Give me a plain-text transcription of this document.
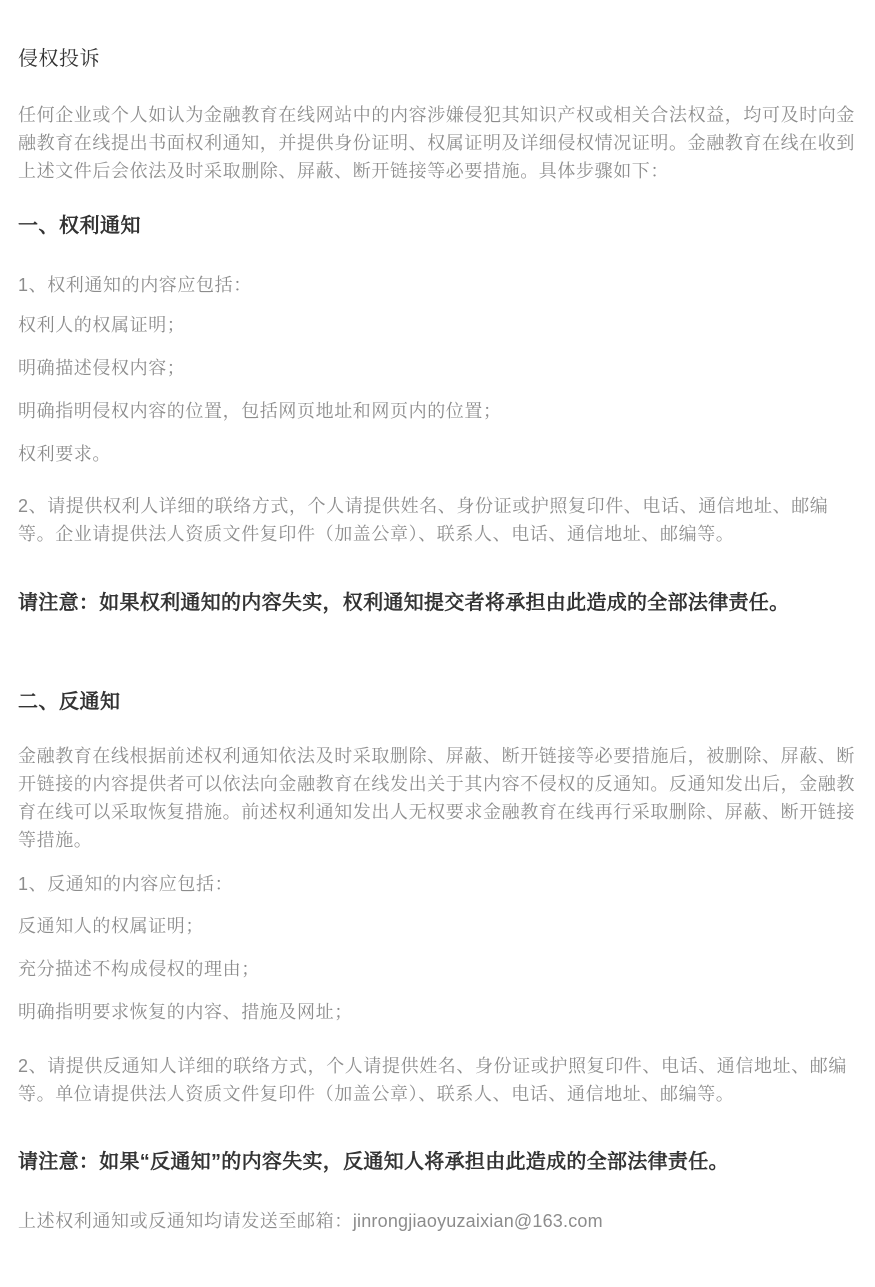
侵权投诉

任何企业或个人如认为金融教育在线网站中的内容涉嫌侵犯其知识产权或相关合法权益，均可及时向金融教育在线提出书面权利通知，并提供身份证明、权属证明及详细侵权情况证明。金融教育在线在收到上述文件后会依法及时采取删除、屏蔽、断开链接等必要措施。具体步骤如下：

一、权利通知

1、权利通知的内容应包括：

权利人的权属证明；

明确描述侵权内容；

明确指明侵权内容的位置，包括网页地址和网页内的位置；

权利要求。

2、请提供权利人详细的联络方式，个人请提供姓名、身份证或护照复印件、电话、通信地址、邮编等。企业请提供法人资质文件复印件（加盖公章）、联系人、电话、通信地址、邮编等。

请注意：如果权利通知的内容失实，权利通知提交者将承担由此造成的全部法律责任。

二、反通知

金融教育在线根据前述权利通知依法及时采取删除、屏蔽、断开链接等必要措施后，被删除、屏蔽、断开链接的内容提供者可以依法向金融教育在线发出关于其内容不侵权的反通知。反通知发出后，金融教育在线可以采取恢复措施。前述权利通知发出人无权要求金融教育在线再行采取删除、屏蔽、断开链接等措施。

1、反通知的内容应包括：

反通知人的权属证明；

充分描述不构成侵权的理由；

明确指明要求恢复的内容、措施及网址；

2、请提供反通知人详细的联络方式，个人请提供姓名、身份证或护照复印件、电话、通信地址、邮编等。单位请提供法人资质文件复印件（加盖公章）、联系人、电话、通信地址、邮编等。

请注意：如果“反通知”的内容失实，反通知人将承担由此造成的全部法律责任。

上述权利通知或反通知均请发送至邮箱：jinrongjiaoyuzaixian@163.com
